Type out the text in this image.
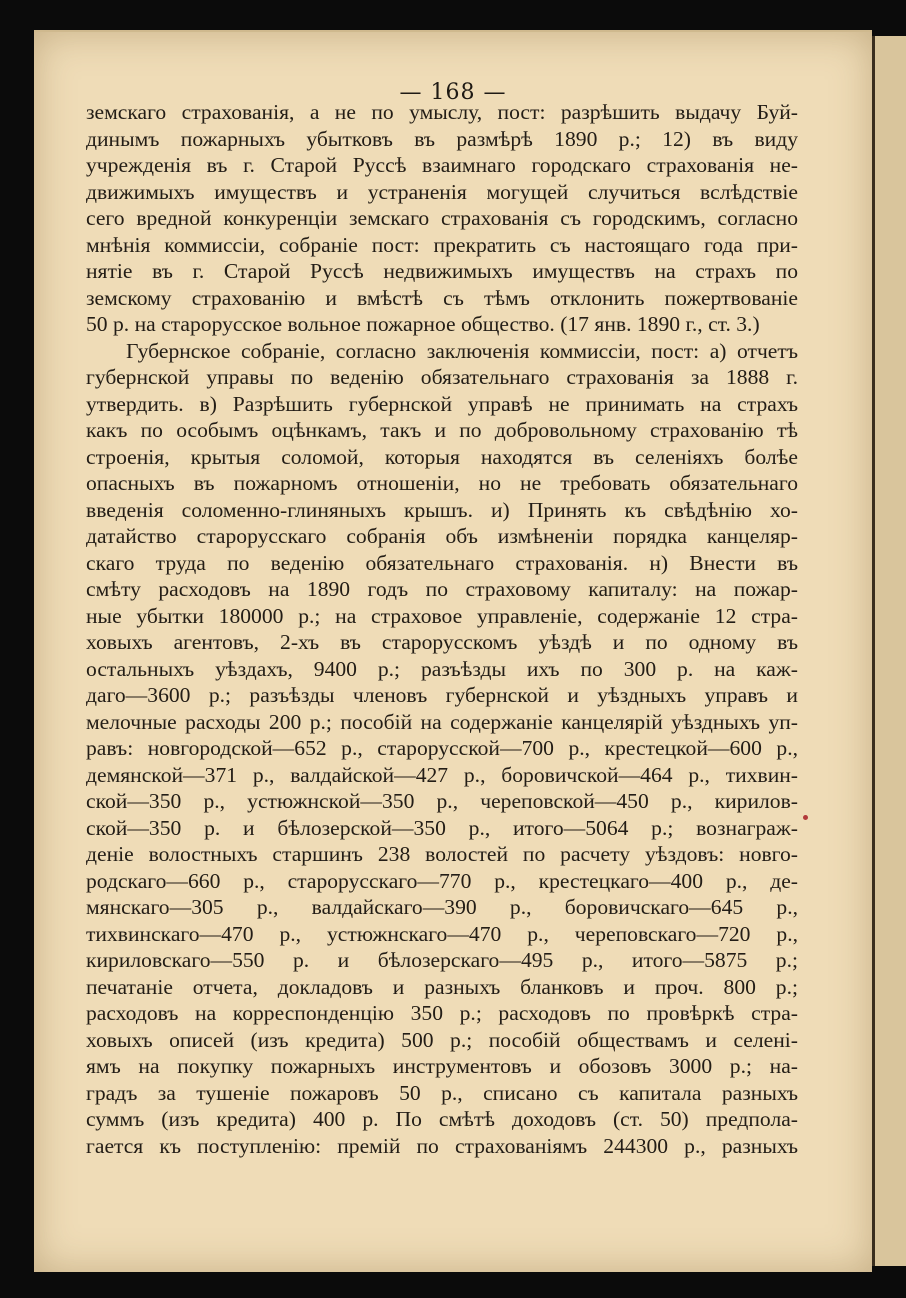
— 168 —
земскаго страхованія, а не по умыслу, пост: разрѣшить выдачу Буй-
динымъ пожарныхъ убытковъ въ размѣрѣ 1890 р.; 12) въ виду
учрежденія въ г. Старой Руссѣ взаимнаго городскаго страхованія не-
движимыхъ имуществъ и устраненія могущей случиться вслѣдствіе
сего вредной конкуренціи земскаго страхованія съ городскимъ, согласно
мнѣнія коммиссіи, собраніе пост: прекратить съ настоящаго года при-
нятіе въ г. Старой Руссѣ недвижимыхъ имуществъ на страхъ по
земскому страхованію и вмѣстѣ съ тѣмъ отклонить пожертвованіе
50 р. на старорусское вольное пожарное общество. (17 янв. 1890 г., ст. 3.)
Губернское собраніе, согласно заключенія коммиссіи, пост: а) отчетъ
губернской управы по веденію обязательнаго страхованія за 1888 г.
утвердить. в) Разрѣшить губернской управѣ не принимать на страхъ
какъ по особымъ оцѣнкамъ, такъ и по добровольному страхованію тѣ
строенія, крытыя соломой, которыя находятся въ селеніяхъ болѣе
опасныхъ въ пожарномъ отношеніи, но не требовать обязательнаго
введенія соломенно-глиняныхъ крышъ. и) Принять къ свѣдѣнію хо-
датайство старорусскаго собранія объ измѣненіи порядка канцеляр-
скаго труда по веденію обязательнаго страхованія. н) Внести въ
смѣту расходовъ на 1890 годъ по страховому капиталу: на пожар-
ные убытки 180000 р.; на страховое управленіе, содержаніе 12 стра-
ховыхъ агентовъ, 2-хъ въ старорусскомъ уѣздѣ и по одному въ
остальныхъ уѣздахъ, 9400 р.; разъѣзды ихъ по 300 р. на каж-
даго—3600 р.; разъѣзды членовъ губернской и уѣздныхъ управъ и
мелочные расходы 200 р.; пособій на содержаніе канцелярій уѣздныхъ уп-
равъ: новгородской—652 р., старорусской—700 р., крестецкой—600 р.,
демянской—371 р., валдайской—427 р., боровичской—464 р., тихвин-
ской—350 р., устюжнской—350 р., череповской—450 р., кирилов-
ской—350 р. и бѣлозерской—350 р., итого—5064 р.; вознаграж-
деніе волостныхъ старшинъ 238 волостей по расчету уѣздовъ: новго-
родскаго—660 р., старорусскаго—770 р., крестецкаго—400 р., де-
мянскаго—305 р., валдайскаго—390 р., боровичскаго—645 р.,
тихвинскаго—470 р., устюжнскаго—470 р., череповскаго—720 р.,
кириловскаго—550 р. и бѣлозерскаго—495 р., итого—5875 р.;
печатаніе отчета, докладовъ и разныхъ бланковъ и проч. 800 р.;
расходовъ на корреспонденцію 350 р.; расходовъ по провѣркѣ стра-
ховыхъ описей (изъ кредита) 500 р.; пособій обществамъ и селені-
ямъ на покупку пожарныхъ инструментовъ и обозовъ 3000 р.; на-
градъ за тушеніе пожаровъ 50 р., списано съ капитала разныхъ
суммъ (изъ кредита) 400 р. По смѣтѣ доходовъ (ст. 50) предпола-
гается къ поступленію: премій по страхованіямъ 244300 р., разныхъ
